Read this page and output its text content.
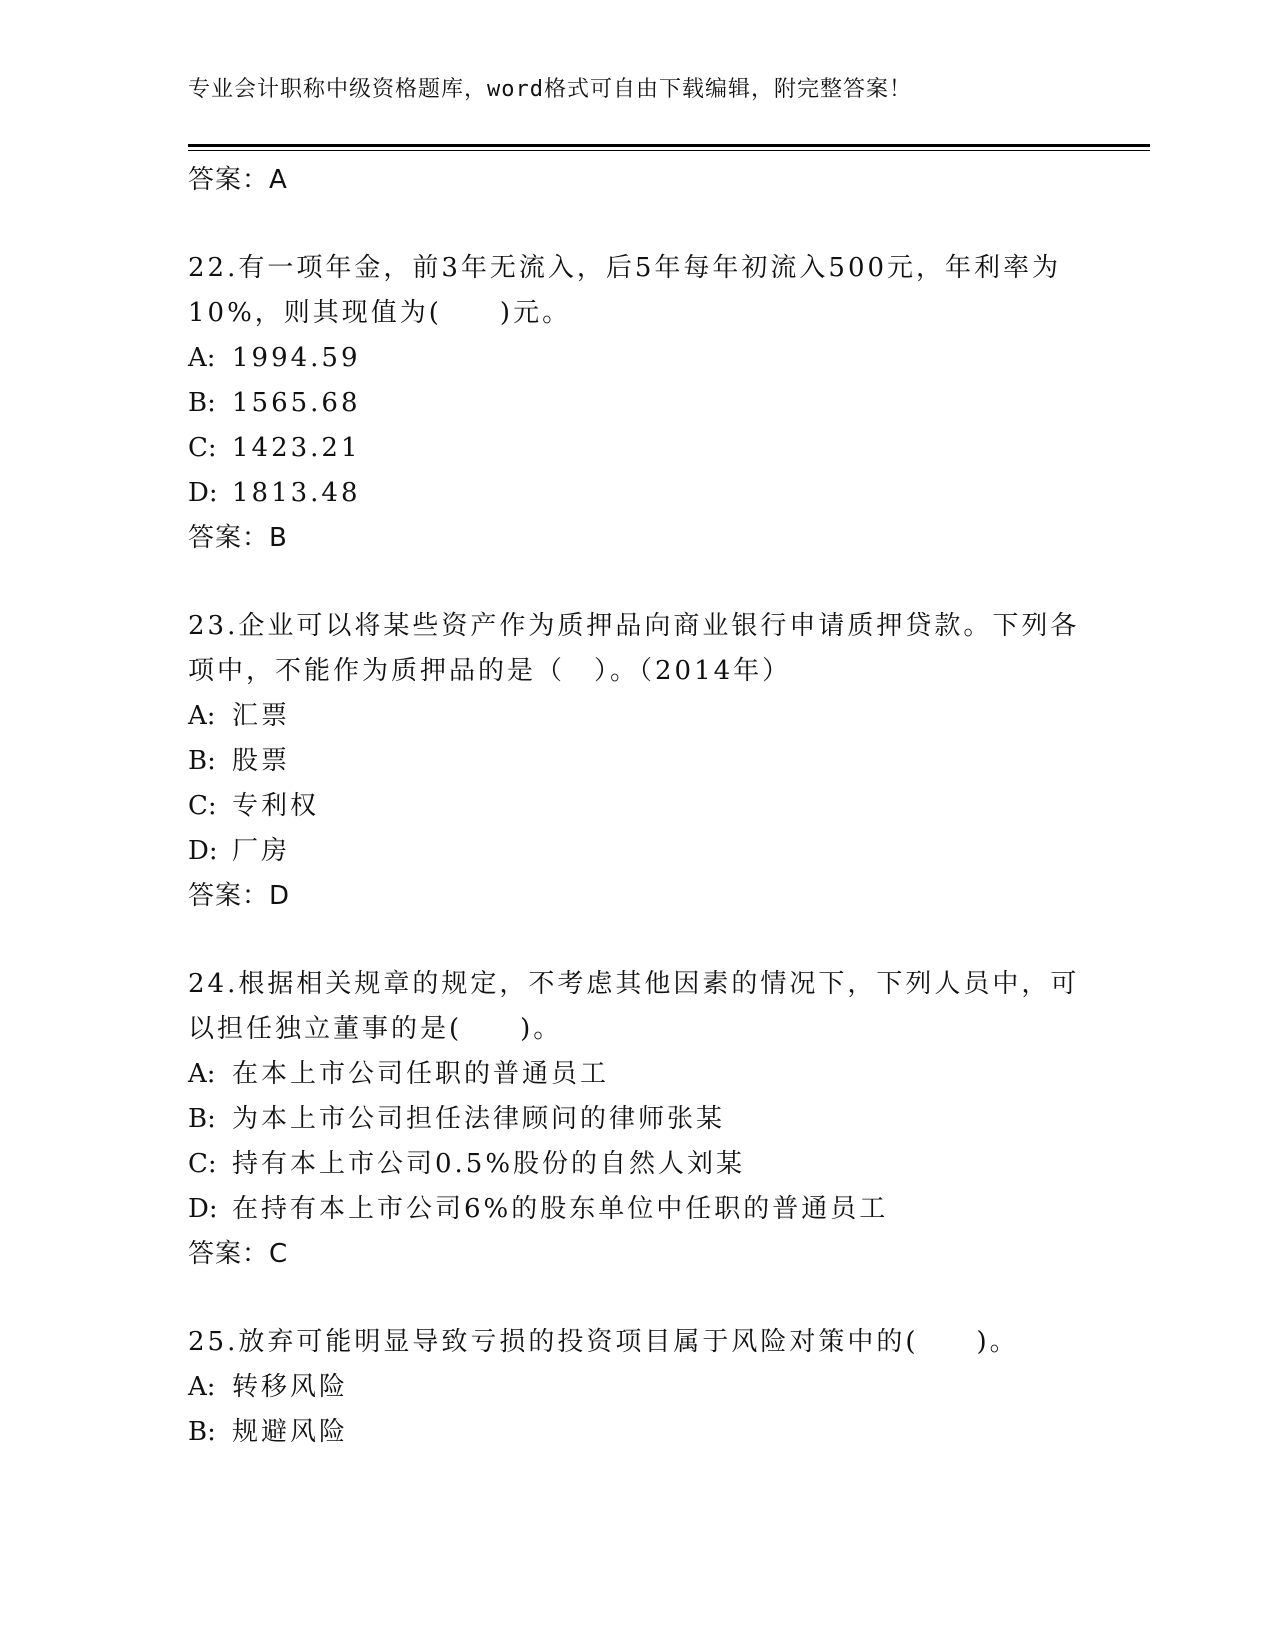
专业会计职称中级资格题库，word格式可自由下载编辑，附完整答案！
答案：A
22.有一项年金，前3年无流入，后5年每年初流入500元，年利率为
10%，则其现值为(　　)元。
A: 1994.59
B: 1565.68
C: 1423.21
D: 1813.48
答案：B
23.企业可以将某些资产作为质押品向商业银行申请质押贷款。下列各
项中，不能作为质押品的是（　）。（2014年）
A: 汇票
B: 股票
C: 专利权
D: 厂房
答案：D
24.根据相关规章的规定，不考虑其他因素的情况下，下列人员中，可
以担任独立董事的是(　　)。
A: 在本上市公司任职的普通员工
B: 为本上市公司担任法律顾问的律师张某
C: 持有本上市公司0.5%股份的自然人刘某
D: 在持有本上市公司6%的股东单位中任职的普通员工
答案：C
25.放弃可能明显导致亏损的投资项目属于风险对策中的(　　)。
A: 转移风险
B: 规避风险
